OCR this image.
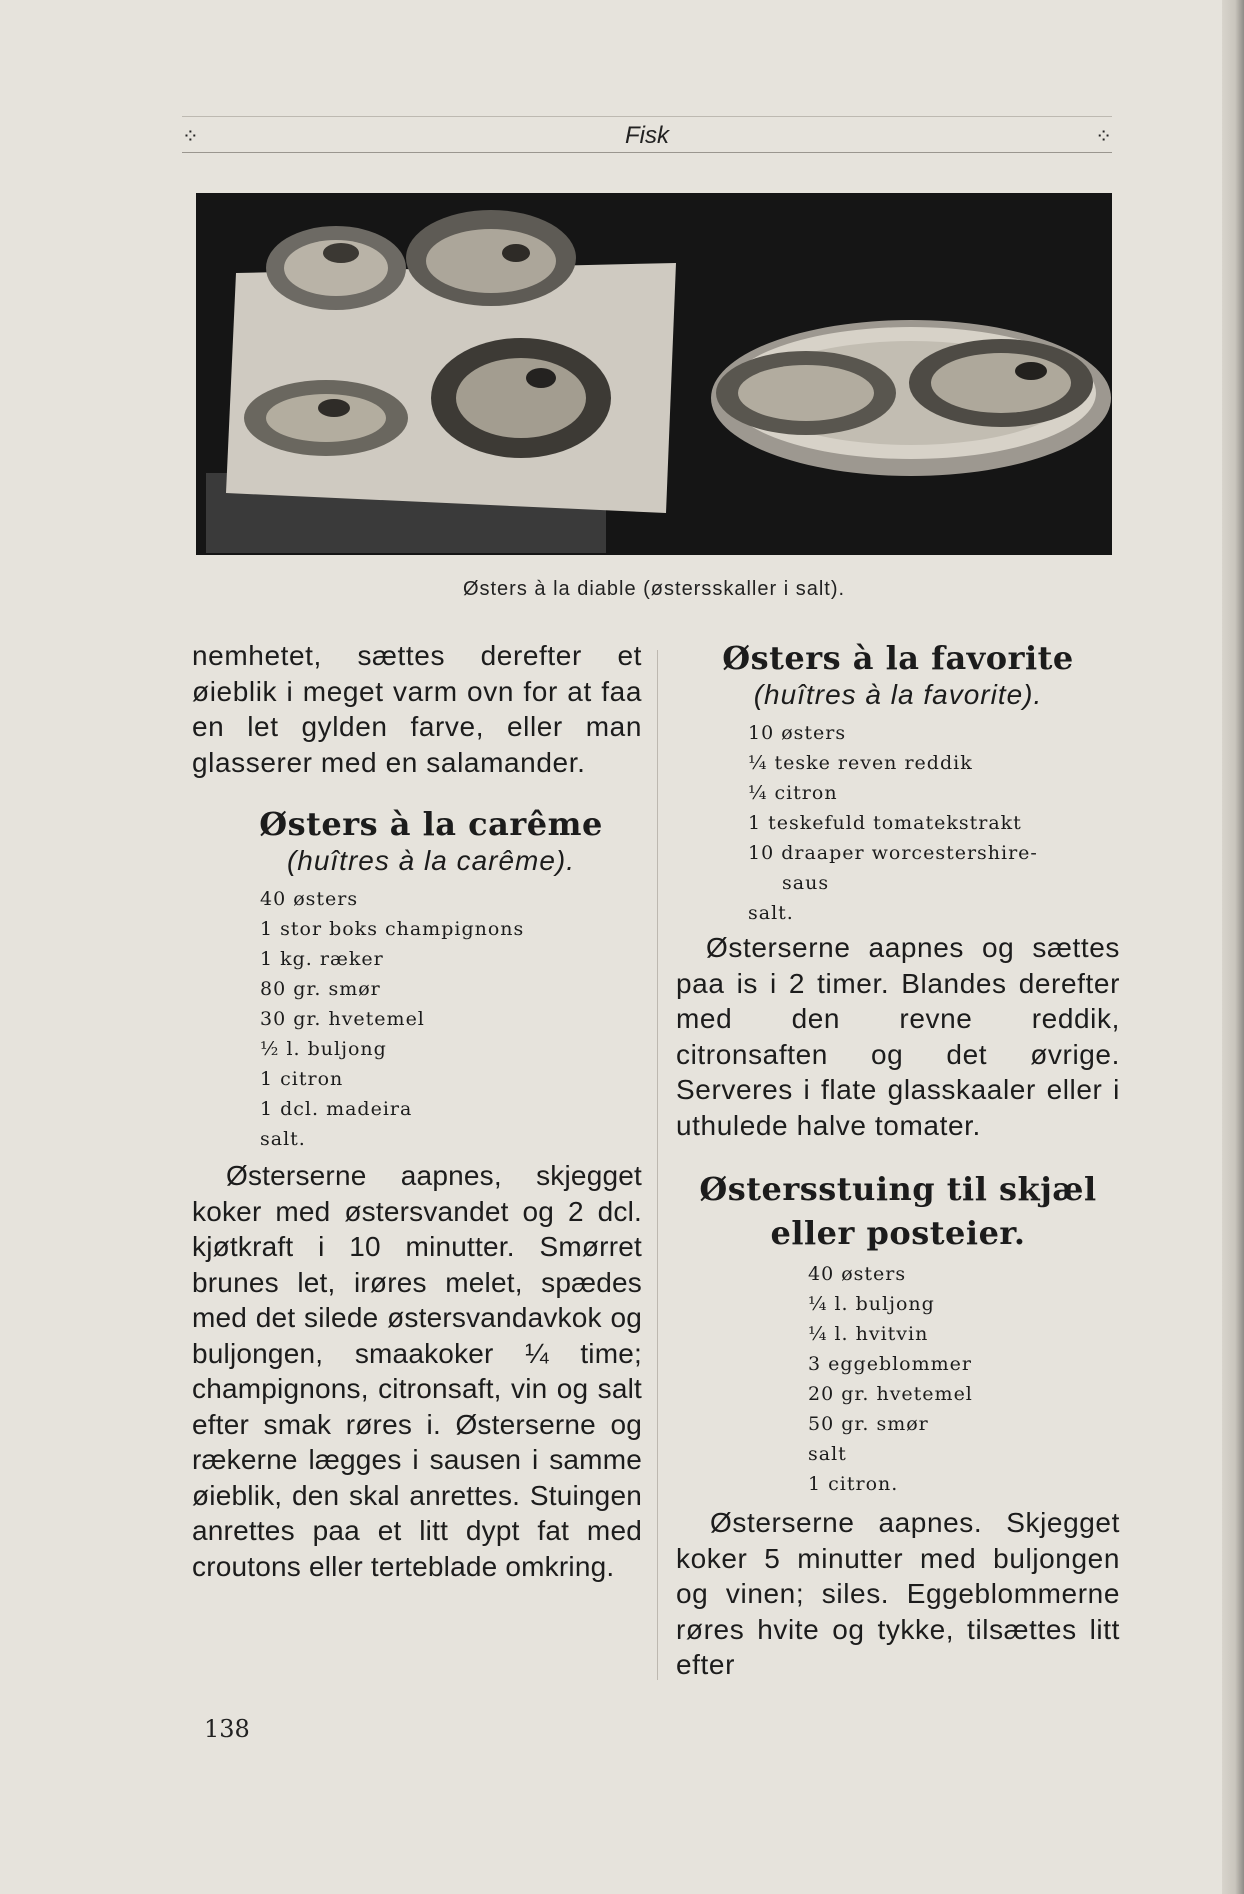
⁘	Fisk	⁘
Østers à la diable (østersskaller i salt).

nemhetet, sættes derefter et øieblik i meget varm ovn for at faa en let gylden farve, eller man glasserer med en salamander.

Østers à la carême
(huîtres à la carême).
40 østers
1 stor boks champignons
1 kg. ræker
80 gr. smør
30 gr. hvetemel
½ l. buljong
1 citron
1 dcl. madeira
salt.

Østerserne aapnes, skjegget koker med østersvandet og 2 dcl. kjøtkraft i 10 minutter. Smørret brunes let, irøres melet, spædes med det silede østersvandavkok og buljongen, smaakoker ¼ time; champignons, citronsaft, vin og salt efter smak røres i. Østerserne og rækerne lægges i sausen i samme øieblik, den skal anrettes. Stuingen anrettes paa et litt dypt fat med croutons eller terteblade omkring.

Østers à la favorite
(huîtres à la favorite).
10 østers
¼ teske reven reddik
¼ citron
1 teskefuld tomatekstrakt
10 draaper worcestershire-
saus
salt.

Østerserne aapnes og sættes paa is i 2 timer. Blandes derefter med den revne reddik, citronsaften og det øvrige. Serveres i flate glasskaaler eller i uthulede halve tomater.

Østersstuing til skjæl eller posteier.
40 østers
¼ l. buljong
¼ l. hvitvin
3 eggeblommer
20 gr. hvetemel
50 gr. smør
salt
1 citron.

Østerserne aapnes. Skjegget koker 5 minutter med buljongen og vinen; siles. Eggeblommerne røres hvite og tykke, tilsættes litt efter

138
